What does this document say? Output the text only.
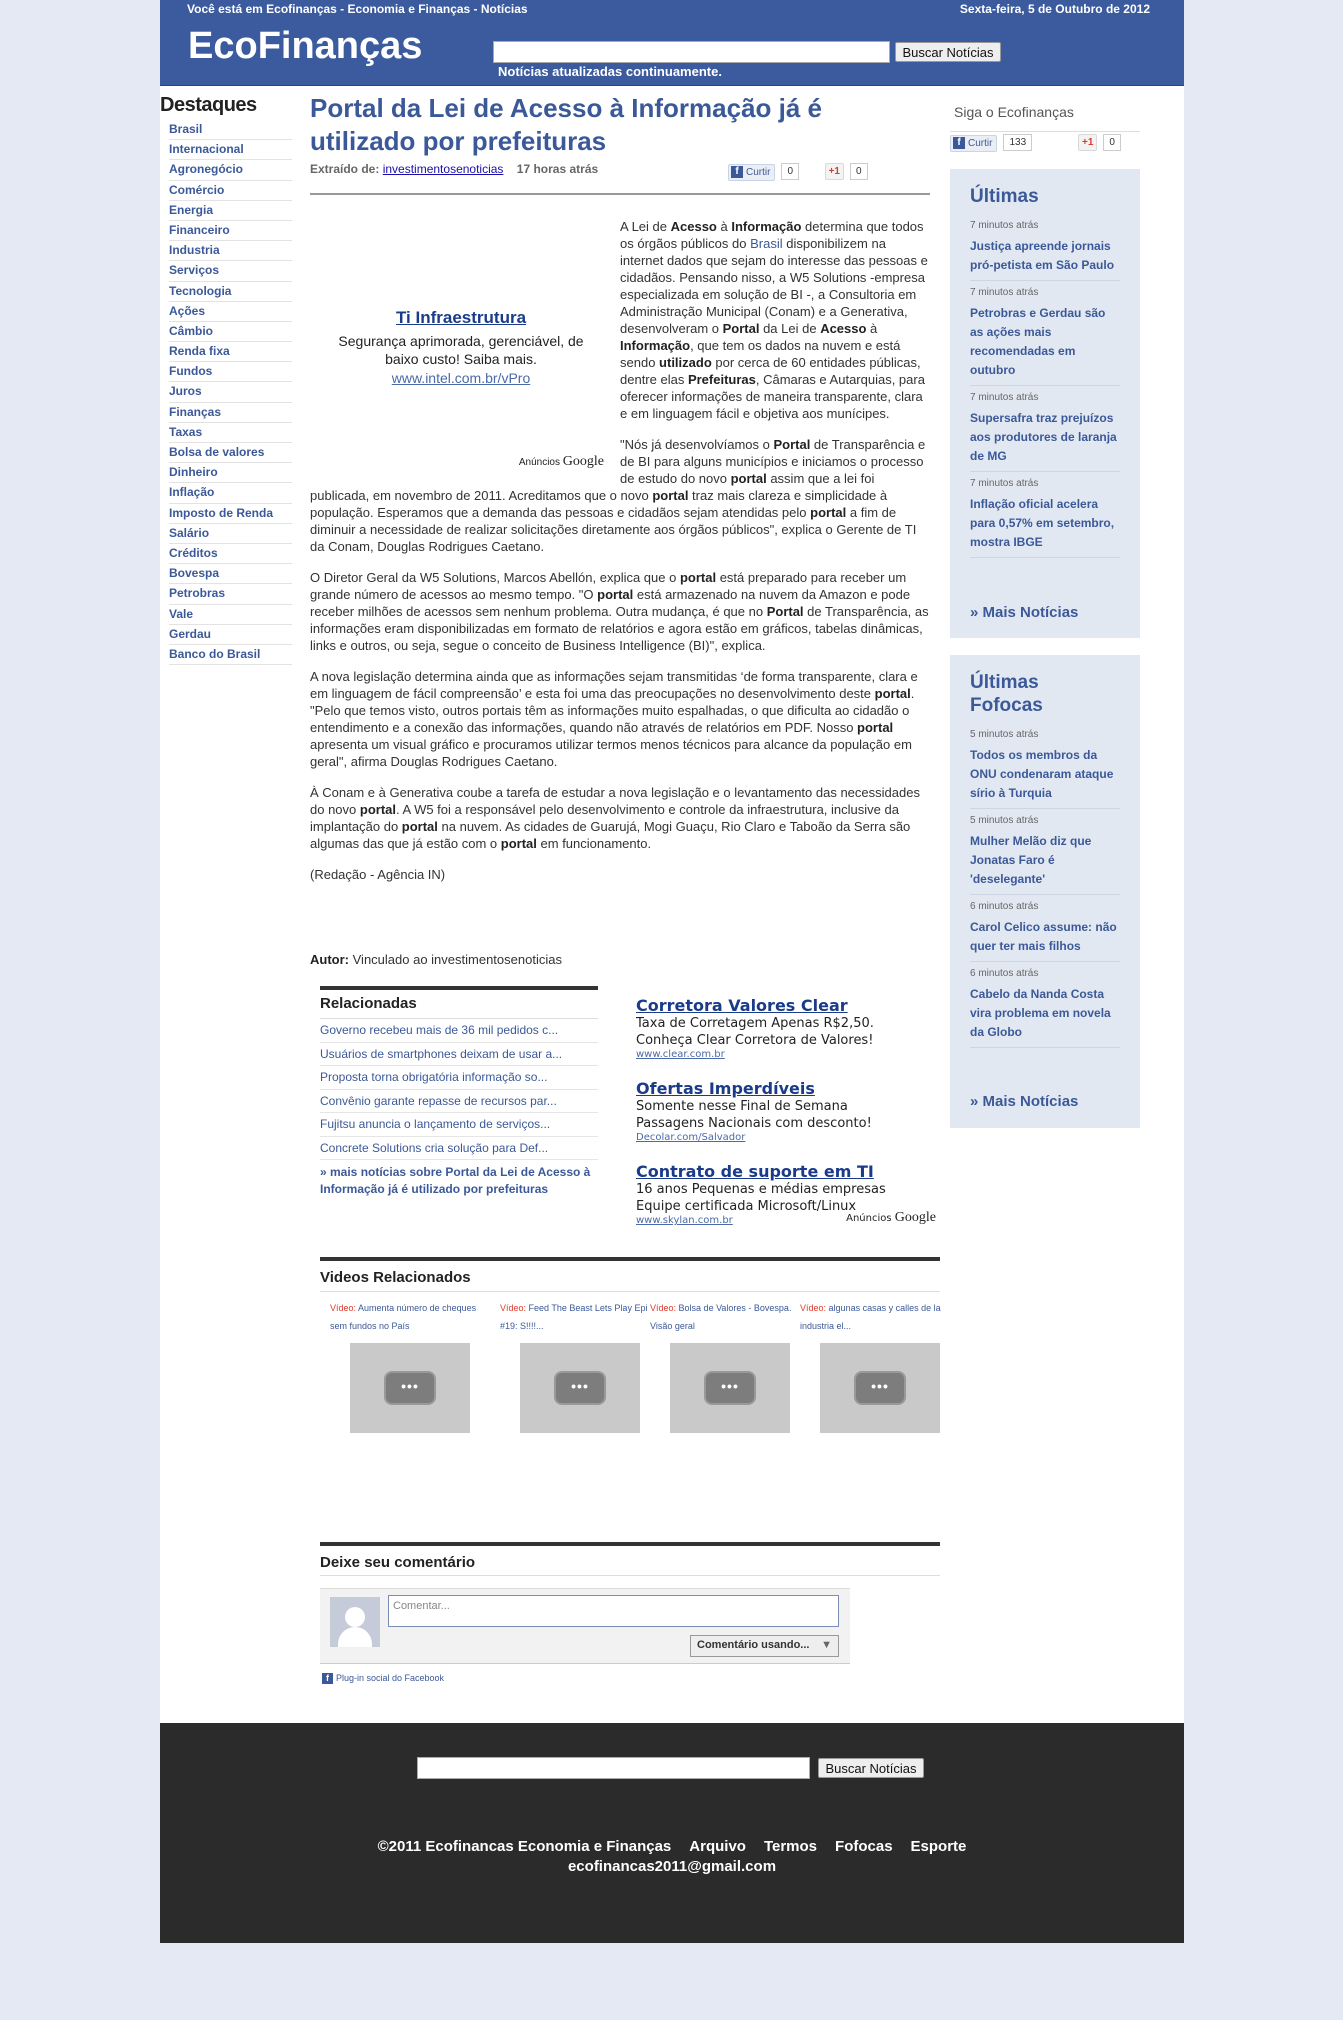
Você está em Ecofinanças - Economia e Finanças - Notícias	Sexta-feira, 5 de Outubro de 2012
EcoFinanças	Buscar Notícias
Notícias atualizadas continuamente.
Destaques
Brasil
Internacional
Agronegócio
Comércio
Energia
Financeiro
Industria
Serviços
Tecnologia
Ações
Câmbio
Renda fixa
Fundos
Juros
Finanças
Taxas
Bolsa de valores
Dinheiro
Inflação
Imposto de Renda
Salário
Créditos
Bovespa
Petrobras
Vale
Gerdau
Banco do Brasil
Portal da Lei de Acesso à Informação já é utilizado por prefeituras
Extraído de: investimentosenoticias 17 horas atrás	f Curtir 0	+1 0

A Lei de Acesso à Informação determina que todos os órgãos públicos do Brasil disponibilizem na internet dados que sejam do interesse das pessoas e cidadãos. Pensando nisso, a W5 Solutions -empresa especializada em solução de BI -, a Consultoria em Administração Municipal (Conam) e a Generativa, desenvolveram o Portal da Lei de Acesso à Informação, que tem os dados na nuvem e está sendo utilizado por cerca de 60 entidades públicas, dentre elas Prefeituras, Câmaras e Autarquias, para oferecer informações de maneira transparente, clara e em linguagem fácil e objetiva aos munícipes.

"Nós já desenvolvíamos o Portal de Transparência e de BI para alguns municípios e iniciamos o processo de estudo do novo portal assim que a lei foi publicada, em novembro de 2011. Acreditamos que o novo portal traz mais clareza e simplicidade à população. Esperamos que a demanda das pessoas e cidadãos sejam atendidas pelo portal a fim de diminuir a necessidade de realizar solicitações diretamente aos órgãos públicos", explica o Gerente de TI da Conam, Douglas Rodrigues Caetano.

O Diretor Geral da W5 Solutions, Marcos Abellón, explica que o portal está preparado para receber um grande número de acessos ao mesmo tempo. "O portal está armazenado na nuvem da Amazon e pode receber milhões de acessos sem nenhum problema. Outra mudança, é que no Portal de Transparência, as informações eram disponibilizadas em formato de relatórios e agora estão em gráficos, tabelas dinâmicas, links e outros, ou seja, segue o conceito de Business Intelligence (BI)", explica.

A nova legislação determina ainda que as informações sejam transmitidas ‘de forma transparente, clara e em linguagem de fácil compreensão’ e esta foi uma das preocupações no desenvolvimento deste portal. "Pelo que temos visto, outros portais têm as informações muito espalhadas, o que dificulta ao cidadão o entendimento e a conexão das informações, quando não através de relatórios em PDF. Nosso portal apresenta um visual gráfico e procuramos utilizar termos menos técnicos para alcance da população em geral", afirma Douglas Rodrigues Caetano.

À Conam e à Generativa coube a tarefa de estudar a nova legislação e o levantamento das necessidades do novo portal. A W5 foi a responsável pelo desenvolvimento e controle da infraestrutura, inclusive da implantação do portal na nuvem. As cidades de Guarujá, Mogi Guaçu, Rio Claro e Taboão da Serra são algumas das que já estão com o portal em funcionamento.

(Redação - Agência IN)

Ti Infraestrutura
Segurança aprimorada, gerenciável, de baixo custo! Saiba mais.
www.intel.com.br/vPro
Anúncios Google
Autor: Vinculado ao investimentosenoticias
Relacionadas
Governo recebeu mais de 36 mil pedidos c...
Usuários de smartphones deixam de usar a...
Proposta torna obrigatória informação so...
Convênio garante repasse de recursos par...
Fujitsu anuncia o lançamento de serviços...
Concrete Solutions cria solução para Def...
» mais notícias sobre Portal da Lei de Acesso à Informação já é utilizado por prefeituras
Corretora Valores Clear
Taxa de Corretagem Apenas R$2,50.
Conheça Clear Corretora de Valores!
www.clear.com.br
Ofertas Imperdíveis
Somente nesse Final de Semana
Passagens Nacionais com desconto!
Decolar.com/Salvador
Contrato de suporte em TI
16 anos Pequenas e médias empresas
Equipe certificada Microsoft/Linux
www.skylan.com.br	Anúncios Google
Videos Relacionados
Vídeo: Aumenta número de cheques sem fundos no País
•••
Vídeo: Feed The Beast Lets Play Epi #19: S!!!!...
•••
Vídeo: Bolsa de Valores - Bovespa. Visão geral
•••
Vídeo: algunas casas y calles de la industria el...
•••
Deixe seu comentário
Comentar...
Comentário usando... ▼
f Plug-in social do Facebook
Siga o Ecofinanças
f Curtir 133	+1 0
Últimas
7 minutos atrás
Justiça apreende jornais pró-petista em São Paulo
7 minutos atrás
Petrobras e Gerdau são as ações mais recomendadas em outubro
7 minutos atrás
Supersafra traz prejuízos aos produtores de laranja de MG
7 minutos atrás
Inflação oficial acelera para 0,57% em setembro, mostra IBGE
» Mais Notícias
Últimas Fofocas
5 minutos atrás
Todos os membros da ONU condenaram ataque sírio à Turquia
5 minutos atrás
Mulher Melão diz que Jonatas Faro é 'deselegante'
6 minutos atrás
Carol Celico assume: não quer ter mais filhos
6 minutos atrás
Cabelo da Nanda Costa vira problema em novela da Globo
» Mais Notícias
Buscar Notícias
©2011 Ecofinancas Economia e Finanças Arquivo Termos Fofocas Esporte
ecofinancas2011@gmail.com
